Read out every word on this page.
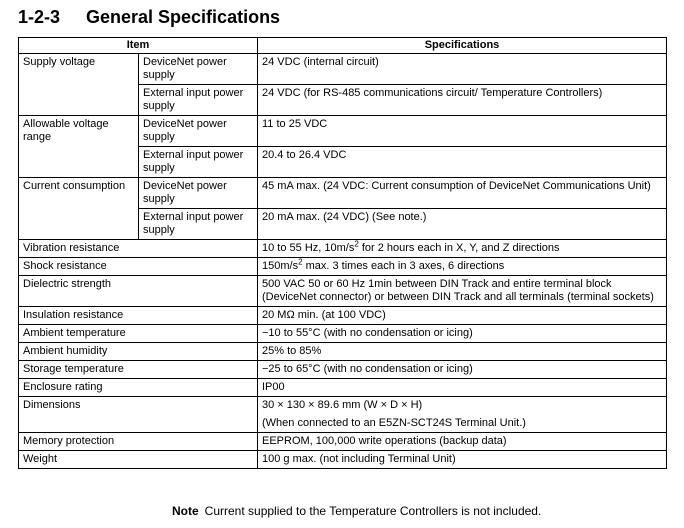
1-2-3 General Specifications
Item		Specifications
Supply voltage	DeviceNet power supply	24 VDC (internal circuit)
	External input power supply	24 VDC (for RS-485 communications circuit/ Temperature Controllers)
Allowable voltage range	DeviceNet power supply	11 to 25 VDC
	External input power supply	20.4 to 26.4 VDC
Current consumption	DeviceNet power supply	45 mA max. (24 VDC: Current consumption of DeviceNet Communications Unit)
	External input power supply	20 mA max. (24 VDC) (See note.)
Vibration resistance		10 to 55 Hz, $10m/s^2$ for 2 hours each in X, Y, and Z directions
Shock resistance		$150m/s^2$ max. 3 times each in 3 axes, 6 directions
Dielectric strength		500 VAC 50 or 60 Hz 1min between DIN Track and entire terminal block (DeviceNet connector) or between DIN Track and all terminals (terminal sockets)
Insulation resistance		20 MΩ min. (at 100 VDC)
Ambient temperature		−10 to 55°C (with no condensation or icing)
Ambient humidity		25% to 85%
Storage temperature		−25 to 65°C (with no condensation or icing)
Enclosure rating		IP00
Dimensions		30 × 130 × 89.6 mm (W × D × H)
(When connected to an E5ZN-SCT24S Terminal Unit.)

Memory protection		EEPROM, 100,000 write operations (backup data)
Weight		100 g max. (not including Terminal Unit)
Note Current supplied to the Temperature Controllers is not included.
